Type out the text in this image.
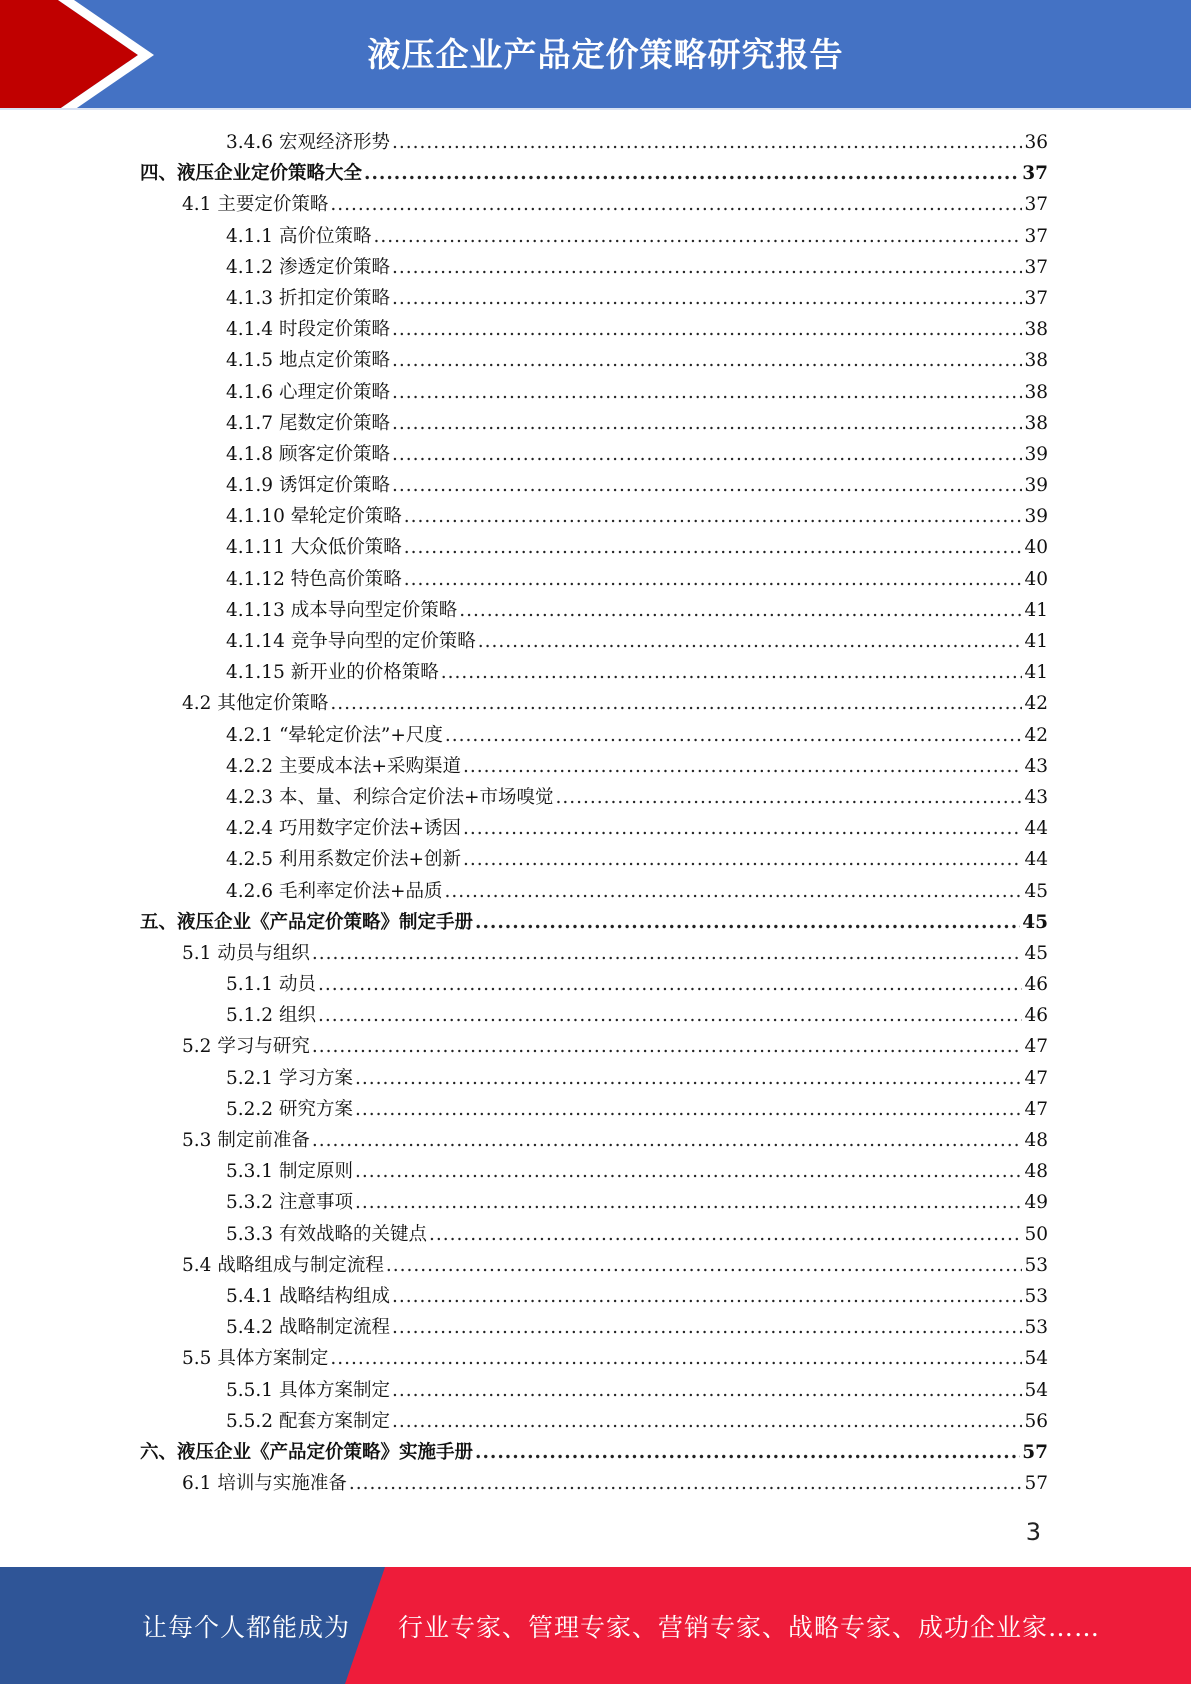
液压企业产品定价策略研究报告
3.4.6 宏观经济形势 .....	36
四、液压企业定价策略大全 .....	37
4.1 主要定价策略 .....	37
4.1.1 高价位策略 .....	37
4.1.2 渗透定价策略 .....	37
4.1.3 折扣定价策略 .....	37
4.1.4 时段定价策略 .....	38
4.1.5 地点定价策略 .....	38
4.1.6 心理定价策略 .....	38
4.1.7 尾数定价策略 .....	38
4.1.8 顾客定价策略 .....	39
4.1.9 诱饵定价策略 .....	39
4.1.10 晕轮定价策略 .....	39
4.1.11 大众低价策略 .....	40
4.1.12 特色高价策略 .....	40
4.1.13 成本导向型定价策略 .....	41
4.1.14 竞争导向型的定价策略 .....	41
4.1.15 新开业的价格策略 .....	41
4.2 其他定价策略 .....	42
4.2.1 “晕轮定价法”+尺度 .....	42
4.2.2 主要成本法+采购渠道 .....	43
4.2.3 本、量、利综合定价法+市场嗅觉 .....	43
4.2.4 巧用数字定价法+诱因 .....	44
4.2.5 利用系数定价法+创新 .....	44
4.2.6 毛利率定价法+品质 .....	45
五、液压企业《产品定价策略》制定手册 .....	45
5.1 动员与组织 .....	45
5.1.1 动员 .....	46
5.1.2 组织 .....	46
5.2 学习与研究 .....	47
5.2.1 学习方案 .....	47
5.2.2 研究方案 .....	47
5.3 制定前准备 .....	48
5.3.1 制定原则 .....	48
5.3.2 注意事项 .....	49
5.3.3 有效战略的关键点 .....	50
5.4 战略组成与制定流程 .....	53
5.4.1 战略结构组成 .....	53
5.4.2 战略制定流程 .....	53
5.5 具体方案制定 .....	54
5.5.1 具体方案制定 .....	54
5.5.2 配套方案制定 .....	56
六、液压企业《产品定价策略》实施手册 .....	57
6.1 培训与实施准备 .....	57
3
让每个人都能成为 行业专家、管理专家、营销专家、战略专家、成功企业家……
